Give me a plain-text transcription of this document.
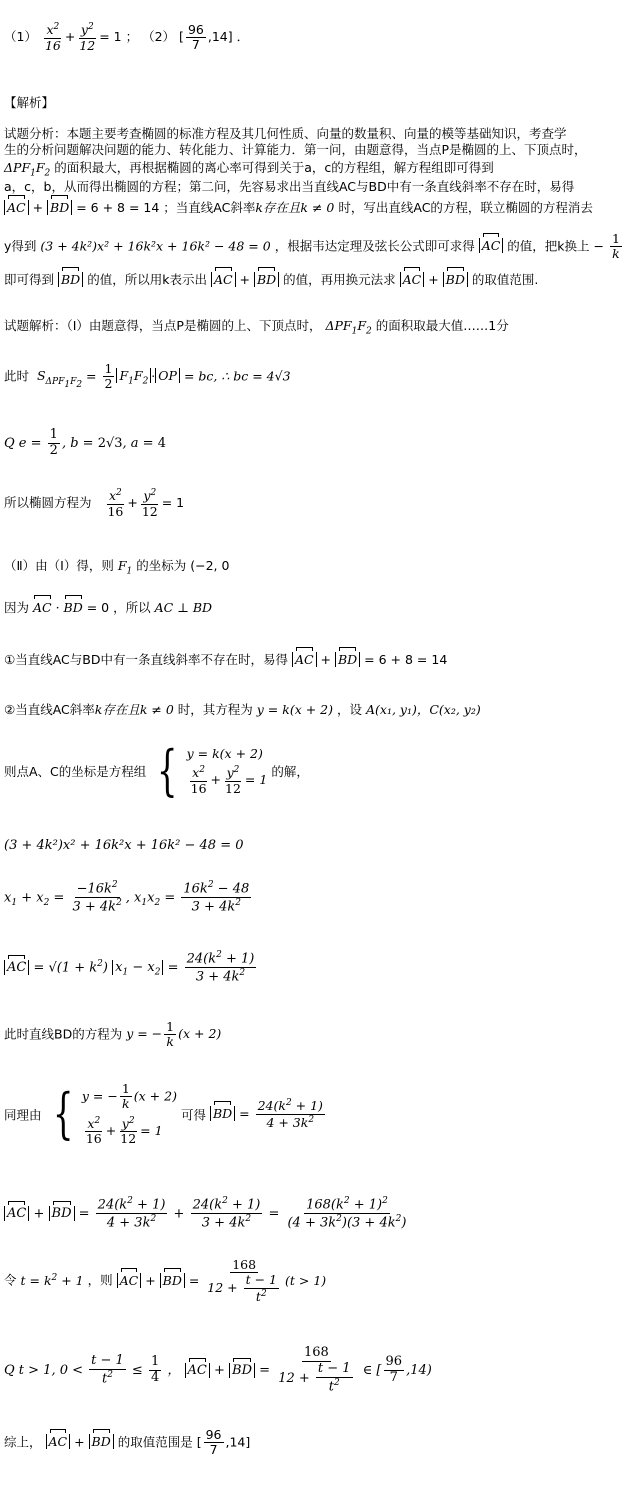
$(1) \frac{x^2}{16} + \frac{y^2}{12} = 1$ ； （2） [ $\frac{96}{7} ,14$] ．
【解析】
试题分析：本题主要考查椭圆的标准方程及其几何性质、向量的数量积、向量的模等基础知识，考查学
生的分析问题解决问题的能力、转化能力、计算能力．第一问，由题意得，当点P是椭圆的上、下顶点时，
$\Delta PF_1F_2$ 的面积最大，再根据椭圆的离心率可得到关于a，c的方程组，解方程组即可得到
a，c，b，从而得出椭圆的方程；第二问，先容易求出当直线AC与BD中有一条直线斜率不存在时，易得
AC + BD = 6 + 8 = 14 ；当直线AC斜率k存在且k ≠ 0 时，写出直线AC的方程，联立椭圆的方程消去
y得到 (3 + 4k²)x² + 16k²x + 16k² − 48 = 0 ，根据韦达定理及弦长公式即可求得 AC 的值，把k换上 − $\frac{1}{k}$
即可得到 BD 的值，所以用k表示出 AC + BD 的值，再用换元法求 AC + BD 的取值范围.
试题解析：（Ⅰ）由题意得，当点P是椭圆的上、下顶点时， $\Delta PF_1F_2$ 的面积取最大值……1分
此时 $S_{\Delta PF_1F_2} = \frac{1}{2} F_1F_2$ · OP = bc, ∴ bc = 4√3
Q $e = \frac{1}{2}$ , b = 2√3, a = 4
所以椭圆方程为 $\frac{x^2}{16} + \frac{y^2}{12} = 1$
（Ⅱ）由（Ⅰ）得，则 $F_1$ 的坐标为 (−2, 0
因为 AC · BD = 0 ，所以 AC ⊥ BD
①当直线AC与BD中有一条直线斜率不存在时，易得 AC + BD = 6 + 8 = 14
②当直线AC斜率k存在且k ≠ 0 时，其方程为 y = k(x + 2) ，设 A(x₁, y₁)，C(x₂, y₂)
则点A、C的坐标是方程组 { y = k(x + 2)
$\frac{x^2}{16} + \frac{y^2}{12} = 1$
的解，
(3 + 4k²)x² + 16k²x + 16k² − 48 = 0
$x_1 + x_2 = \frac{-16k^2}{3 + 4k^2}$ , $x_1x_2 = \frac{16k^2 - 48}{3 + 4k^2}$
AC = $√(1 + k^2)$ $x_1 - x_2 = \frac{24(k^2 + 1)}{3 + 4k^2}$
此时直线BD的方程为 y = − $\frac{1}{k} (x + 2)$
同理由 { y = − $\frac{1}{k} (x + 2)$
$\frac{x^2}{16} + \frac{y^2}{12} = 1$
可得 BD = $\frac{24(k^2 + 1)}{4 + 3k^2}$
AC + BD = $\frac{24(k^2 + 1)}{4 + 3k^2} + \frac{24(k^2 + 1)}{3 + 4k^2} = \frac{168(k^2 + 1)^2}{(4 + 3k^2)(3 + 4k^2)}$
令 $t = k^2 + 1$ ，则 AC + BD = $\frac{168}{12 + \frac{t - 1}{t^2}} (t > 1)$
Q t > 1, $0 < \frac{t - 1}{t^2} \le \frac{1}{4}$ ， AC + BD = $\frac{168}{12 + \frac{t - 1}{t^2}}$ ∈ [ $\frac{96}{7} ,14$)
综上， AC + BD 的取值范围是 [ $\frac{96}{7} ,14$]
